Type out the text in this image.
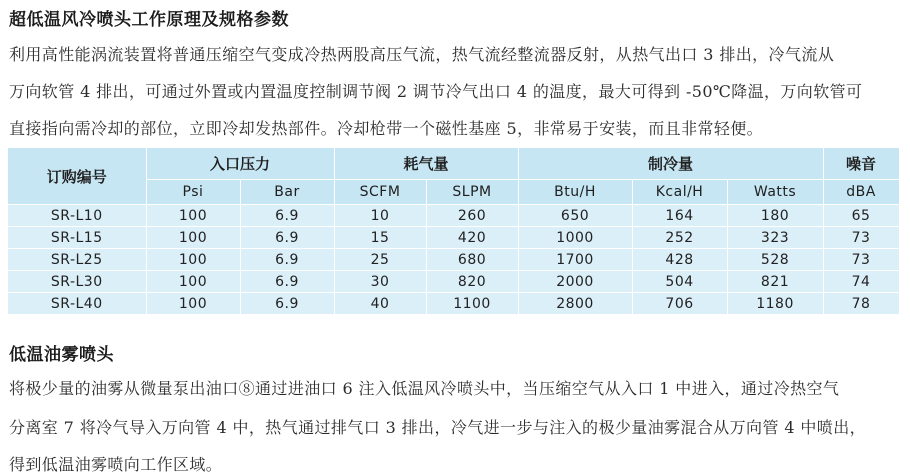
超低温风冷喷头工作原理及规格参数
利用高性能涡流装置将普通压缩空气变成冷热两股高压气流，热气流经整流器反射，从热气出口 3 排出，冷气流从
万向软管 4 排出，可通过外置或内置温度控制调节阀 2 调节冷气出口 4 的温度，最大可得到 -50℃降温，万向软管可
直接指向需冷却的部位，立即冷却发热部件。冷却枪带一个磁性基座 5，非常易于安装，而且非常轻便。
订购编号	入口压力		耗气量		制冷量			噪音
	Psi	Bar	SCFM	SLPM	Btu/H	Kcal/H	Watts	dBA
SR-L10	100	6.9	10	260	650	164	180	65
SR-L15	100	6.9	15	420	1000	252	323	73
SR-L25	100	6.9	25	680	1700	428	528	73
SR-L30	100	6.9	30	820	2000	504	821	74
SR-L40	100	6.9	40	1100	2800	706	1180	78
低温油雾喷头
将极少量的油雾从微量泵出油口⑧通过进油口 6 注入低温风冷喷头中，当压缩空气从入口 1 中进入，通过冷热空气
分离室 7 将冷气导入万向管 4 中，热气通过排气口 3 排出，冷气进一步与注入的极少量油雾混合从万向管 4 中喷出，
得到低温油雾喷向工作区域。
